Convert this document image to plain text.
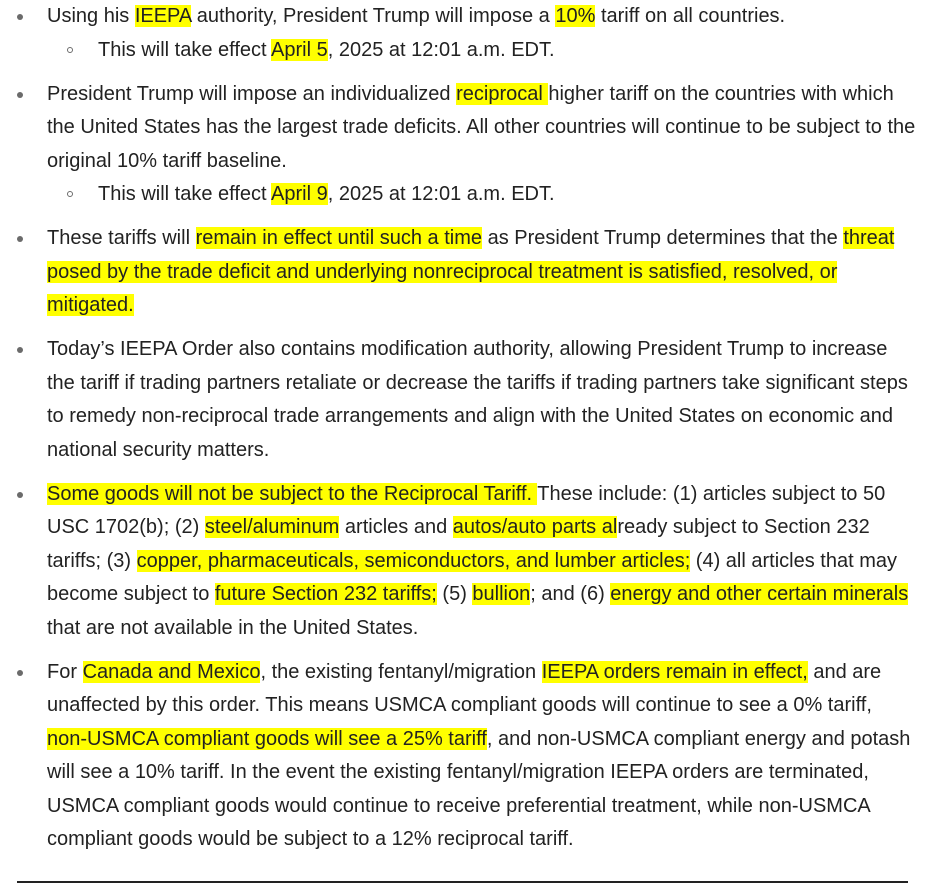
Using his IEEPA authority, President Trump will impose a 10% tariff on all countries.
This will take effect April 5, 2025 at 12:01 a.m. EDT.
President Trump will impose an individualized reciprocal higher tariff on the countries with which the United States has the largest trade deficits. All other countries will continue to be subject to the original 10% tariff baseline.
This will take effect April 9, 2025 at 12:01 a.m. EDT.
These tariffs will remain in effect until such a time as President Trump determines that the threat posed by the trade deficit and underlying nonreciprocal treatment is satisfied, resolved, or mitigated.
Today’s IEEPA Order also contains modification authority, allowing President Trump to increase the tariff if trading partners retaliate or decrease the tariffs if trading partners take significant steps to remedy non-reciprocal trade arrangements and align with the United States on economic and national security matters.
Some goods will not be subject to the Reciprocal Tariff. These include: (1) articles subject to 50 USC 1702(b); (2) steel/aluminum articles and autos/auto parts already subject to Section 232 tariffs; (3) copper, pharmaceuticals, semiconductors, and lumber articles; (4) all articles that may become subject to future Section 232 tariffs; (5) bullion; and (6) energy and other certain minerals that are not available in the United States.
For Canada and Mexico, the existing fentanyl/migration IEEPA orders remain in effect, and are unaffected by this order. This means USMCA compliant goods will continue to see a 0% tariff, non-USMCA compliant goods will see a 25% tariff, and non-USMCA compliant energy and potash will see a 10% tariff. In the event the existing fentanyl/migration IEEPA orders are terminated, USMCA compliant goods would continue to receive preferential treatment, while non-USMCA compliant goods would be subject to a 12% reciprocal tariff.
